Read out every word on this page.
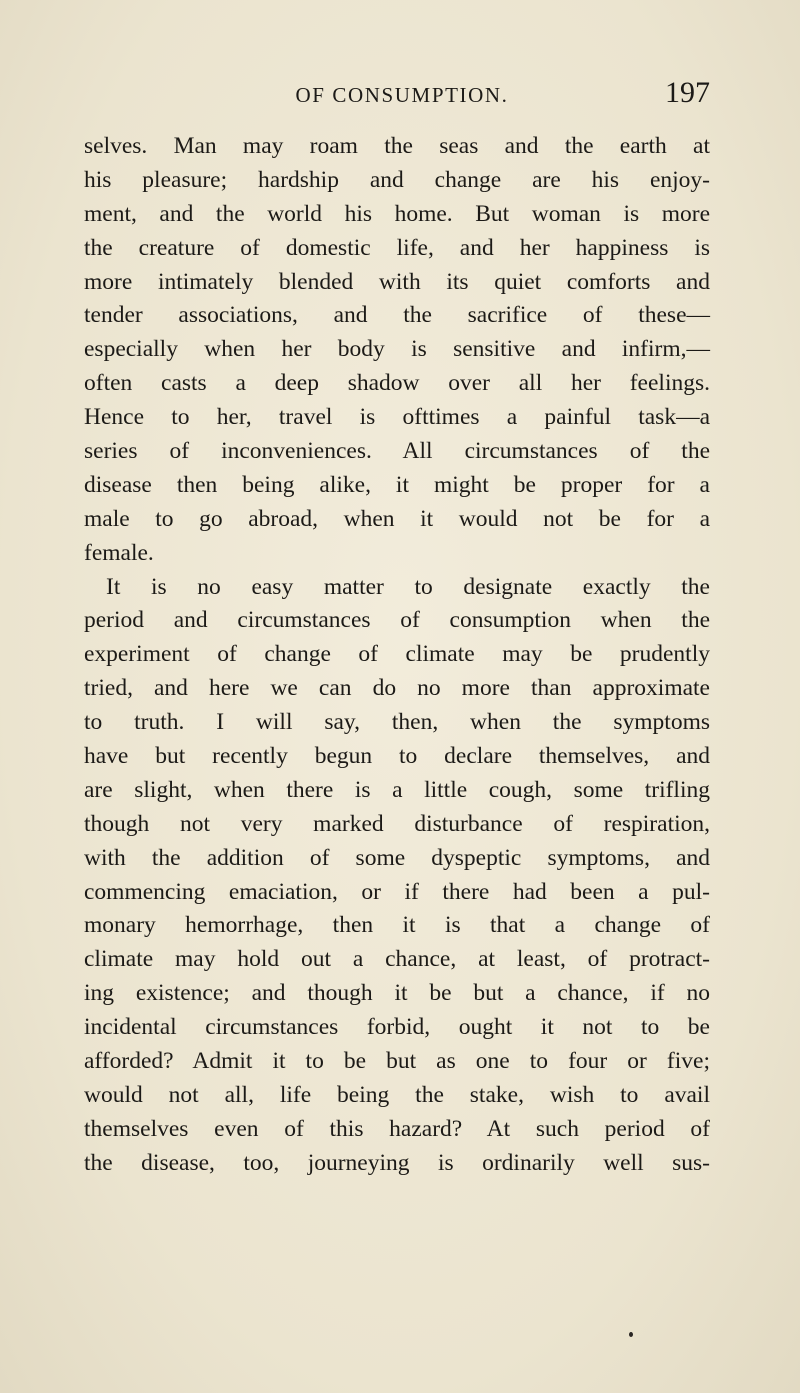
OF CONSUMPTION.	197
selves. Man may roam the seas and the earth at
his pleasure; hardship and change are his enjoy-
ment, and the world his home. But woman is more
the creature of domestic life, and her happiness is
more intimately blended with its quiet comforts and
tender associations, and the sacrifice of these—
especially when her body is sensitive and infirm,—
often casts a deep shadow over all her feelings.
Hence to her, travel is ofttimes a painful task—a
series of inconveniences. All circumstances of the
disease then being alike, it might be proper for a
male to go abroad, when it would not be for a
female.
It is no easy matter to designate exactly the
period and circumstances of consumption when the
experiment of change of climate may be prudently
tried, and here we can do no more than approximate
to truth. I will say, then, when the symptoms
have but recently begun to declare themselves, and
are slight, when there is a little cough, some trifling
though not very marked disturbance of respiration,
with the addition of some dyspeptic symptoms, and
commencing emaciation, or if there had been a pul-
monary hemorrhage, then it is that a change of
climate may hold out a chance, at least, of protract-
ing existence; and though it be but a chance, if no
incidental circumstances forbid, ought it not to be
afforded? Admit it to be but as one to four or five;
would not all, life being the stake, wish to avail
themselves even of this hazard? At such period of
the disease, too, journeying is ordinarily well sus-
